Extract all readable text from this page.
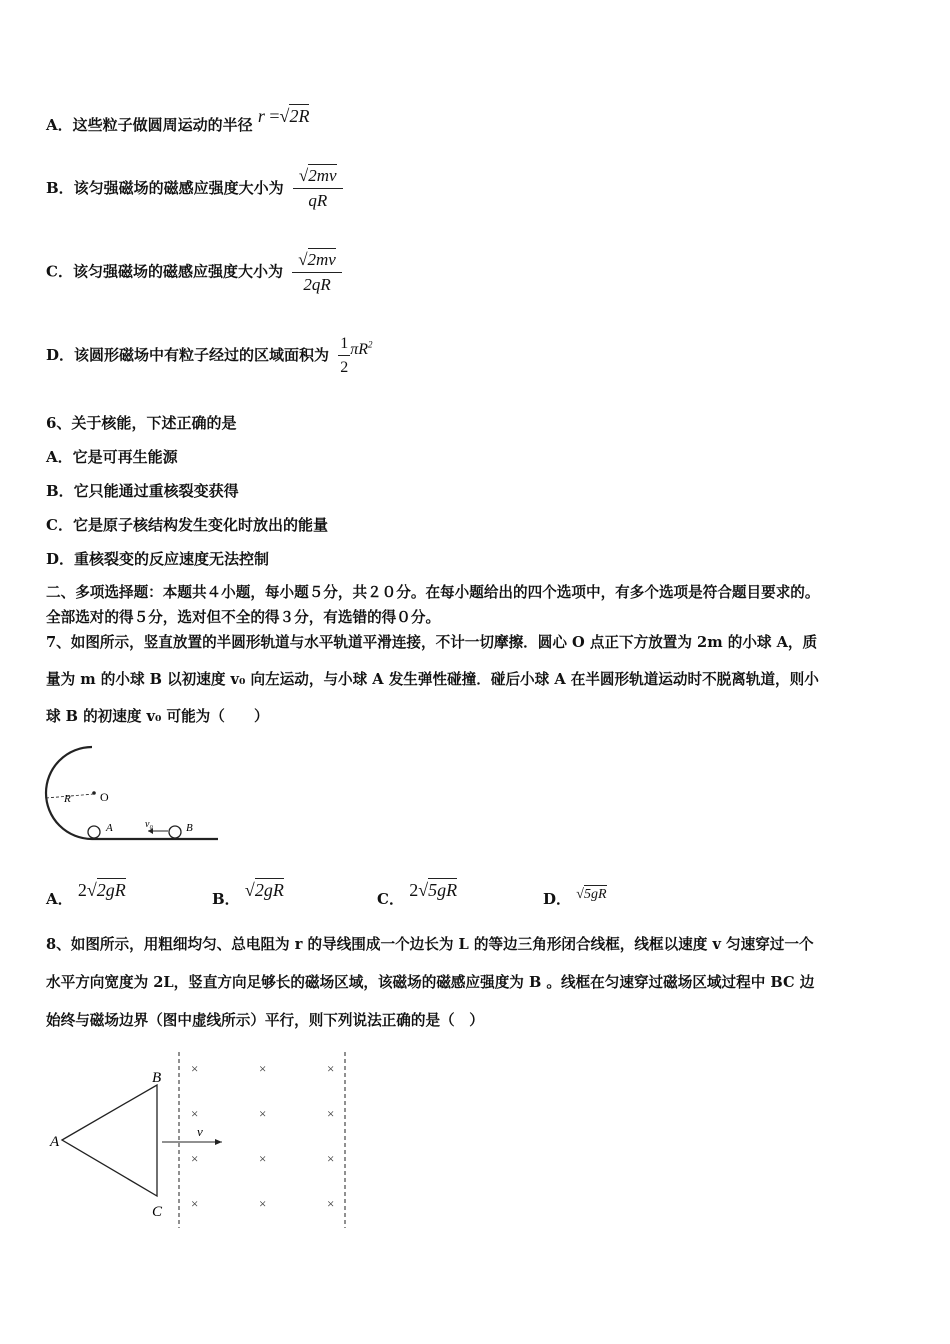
A．这些粒子做圆周运动的半径 r =√2R
B．该匀强磁场的磁感应强度大小为 $\frac{√2mv}{qR}$
C．该匀强磁场的磁感应强度大小为 $\frac{√2mv}{2qR}$
D．该圆形磁场中有粒子经过的区域面积为 $\frac{1}{2} \pi R^2$
6、关于核能，下述正确的是
A．它是可再生能源
B．它只能通过重核裂变获得
C．它是原子核结构发生变化时放出的能量
D．重核裂变的反应速度无法控制
二、多项选择题：本题共４小题，每小题５分，共２０分。在每小题给出的四个选项中，有多个选项是符合题目要求的。
全部选对的得５分，选对但不全的得３分，有选错的得０分。
7、如图所示，竖直放置的半圆形轨道与水平轨道平滑连接，不计一切摩擦．圆心 O 点正下方放置为 2m 的小球 A，质
量为 m 的小球 B 以初速度 v₀ 向左运动，与小球 A 发生弹性碰撞．碰后小球 A 在半圆形轨道运动时不脱离轨道，则小
球 B 的初速度 v₀ 可能为（　　）
R O
A	v₀	B
A． 2√2gR	B． √2gR	C． 2√5gR	D． √5gR
8、如图所示，用粗细均匀、总电阻为 r 的导线围成一个边长为 L 的等边三角形闭合线框，线框以速度 v 匀速穿过一个
水平方向宽度为 2L，竖直方向足够长的磁场区域，该磁场的磁感应强度为 B 。线框在匀速穿过磁场区域过程中 BC 边
始终与磁场边界（图中虚线所示）平行，则下列说法正确的是（　）
A
B
C
v
×	×	×
×	×	×
×	×	×
×	×	×
